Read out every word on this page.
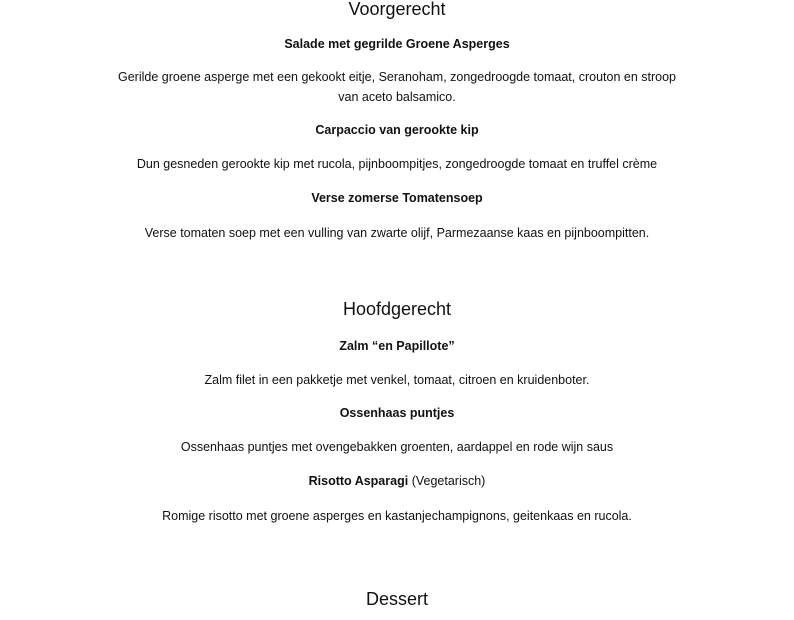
Voorgerecht
Salade met gegrilde Groene Asperges
Gerilde groene asperge met een gekookt eitje, Seranoham, zongedroogde tomaat, crouton en stroop
van aceto balsamico.
Carpaccio van gerookte kip
Dun gesneden gerookte kip met rucola, pijnboompitjes, zongedroogde tomaat en truffel crème
Verse zomerse Tomatensoep
Verse tomaten soep met een vulling van zwarte olijf, Parmezaanse kaas en pijnboompitten.
Hoofdgerecht
Zalm “en Papillote”
Zalm filet in een pakketje met venkel, tomaat, citroen en kruidenboter.
Ossenhaas puntjes
Ossenhaas puntjes met ovengebakken groenten, aardappel en rode wijn saus
Risotto Asparagi (Vegetarisch)
Romige risotto met groene asperges en kastanjechampignons, geitenkaas en rucola.
Dessert
